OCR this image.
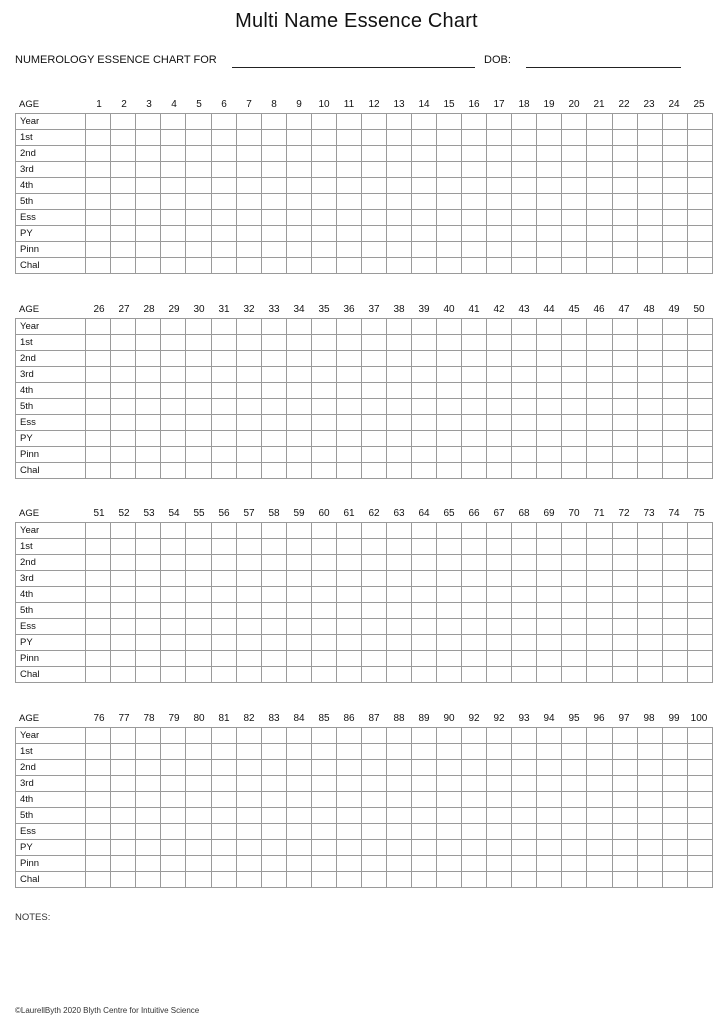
Multi Name Essence Chart
NUMEROLOGY ESSENCE CHART FOR	DOB:
AGE	1	2	3	4	5	6	7	8	9	10	11	12	13	14	15	16	17	18	19	20	21	22	23	24	25
Year																									
1st																									
2nd																									
3rd																									
4th																									
5th																									
Ess																									
PY																									
Pinn																									
Chal																									
AGE	26	27	28	29	30	31	32	33	34	35	36	37	38	39	40	41	42	43	44	45	46	47	48	49	50
Year																									
1st																									
2nd																									
3rd																									
4th																									
5th																									
Ess																									
PY																									
Pinn																									
Chal																									
AGE	51	52	53	54	55	56	57	58	59	60	61	62	63	64	65	66	67	68	69	70	71	72	73	74	75
Year																									
1st																									
2nd																									
3rd																									
4th																									
5th																									
Ess																									
PY																									
Pinn																									
Chal																									
AGE	76	77	78	79	80	81	82	83	84	85	86	87	88	89	90	92	92	93	94	95	96	97	98	99	100
Year																									
1st																									
2nd																									
3rd																									
4th																									
5th																									
Ess																									
PY																									
Pinn																									
Chal																									
NOTES:
©LaurellByth 2020 Blyth Centre for Intuitive Science
